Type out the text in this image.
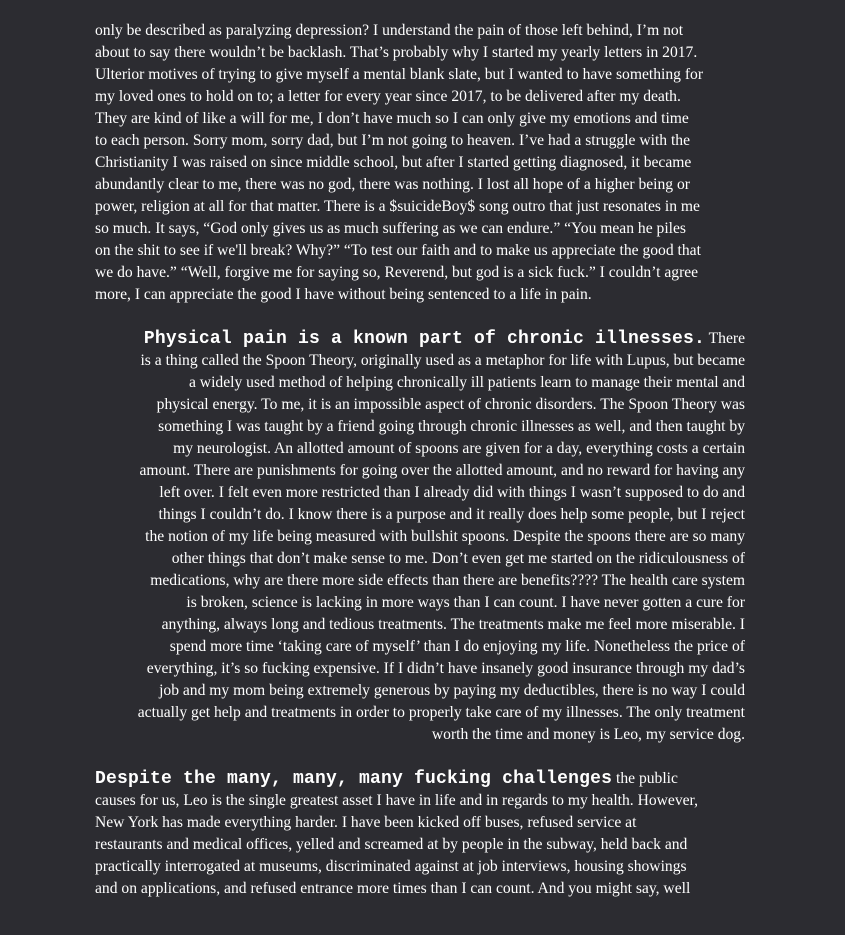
only be described as paralyzing depression? I understand the pain of those left behind, I’m not
about to say there wouldn’t be backlash. That’s probably why I started my yearly letters in 2017.
Ulterior motives of trying to give myself a mental blank slate, but I wanted to have something for
my loved ones to hold on to; a letter for every year since 2017, to be delivered after my death.
They are kind of like a will for me, I don’t have much so I can only give my emotions and time
to each person. Sorry mom, sorry dad, but I’m not going to heaven. I’ve had a struggle with the
Christianity I was raised on since middle school, but after I started getting diagnosed, it became
abundantly clear to me, there was no god, there was nothing. I lost all hope of a higher being or
power, religion at all for that matter. There is a $suicideBoy$ song outro that just resonates in me
so much. It says, “God only gives us as much suffering as we can endure.” “You mean he piles
on the shit to see if we'll break? Why?” “To test our faith and to make us appreciate the good that
we do have.” “Well, forgive me for saying so, Reverend, but god is a sick fuck.” I couldn’t agree
more, I can appreciate the good I have without being sentenced to a life in pain.
Physical pain is a known part of chronic illnesses. There
is a thing called the Spoon Theory, originally used as a metaphor for life with Lupus, but became
a widely used method of helping chronically ill patients learn to manage their mental and
physical energy. To me, it is an impossible aspect of chronic disorders. The Spoon Theory was
something I was taught by a friend going through chronic illnesses as well, and then taught by
my neurologist. An allotted amount of spoons are given for a day, everything costs a certain
amount. There are punishments for going over the allotted amount, and no reward for having any
left over. I felt even more restricted than I already did with things I wasn’t supposed to do and
things I couldn’t do. I know there is a purpose and it really does help some people, but I reject
the notion of my life being measured with bullshit spoons. Despite the spoons there are so many
other things that don’t make sense to me. Don’t even get me started on the ridiculousness of
medications, why are there more side effects than there are benefits???? The health care system
is broken, science is lacking in more ways than I can count. I have never gotten a cure for
anything, always long and tedious treatments. The treatments make me feel more miserable. I
spend more time ‘taking care of myself’ than I do enjoying my life. Nonetheless the price of
everything, it’s so fucking expensive. If I didn’t have insanely good insurance through my dad’s
job and my mom being extremely generous by paying my deductibles, there is no way I could
actually get help and treatments in order to properly take care of my illnesses. The only treatment
worth the time and money is Leo, my service dog.
Despite the many, many, many fucking challenges the public
causes for us, Leo is the single greatest asset I have in life and in regards to my health. However,
New York has made everything harder. I have been kicked off buses, refused service at
restaurants and medical offices, yelled and screamed at by people in the subway, held back and
practically interrogated at museums, discriminated against at job interviews, housing showings
and on applications, and refused entrance more times than I can count. And you might say, well
